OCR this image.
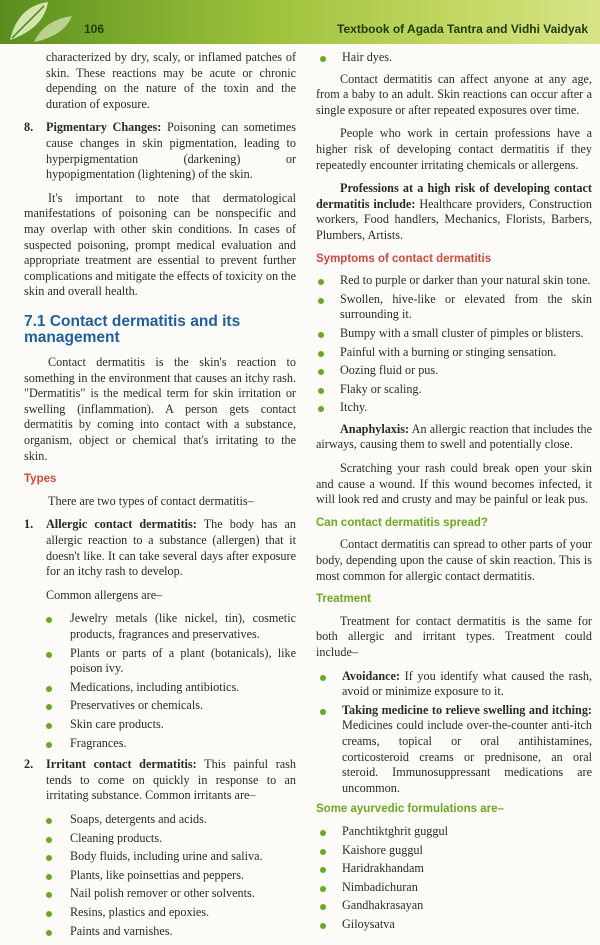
106	Textbook of Agada Tantra and Vidhi Vaidyak

characterized by dry, scaly, or inflamed patches of skin. These reactions may be acute or chronic depending on the nature of the toxin and the duration of exposure.

8. Pigmentary Changes: Poisoning can sometimes cause changes in skin pigmentation, leading to hyperpigmentation (darkening) or hypopigmentation (lightening) of the skin.

It's important to note that dermatological manifestations of poisoning can be nonspecific and may overlap with other skin conditions. In cases of suspected poisoning, prompt medical evaluation and appropriate treatment are essential to prevent further complications and mitigate the effects of toxicity on the skin and overall health.

7.1 Contact dermatitis and its management

Contact dermatitis is the skin's reaction to something in the environment that causes an itchy rash. "Dermatitis" is the medical term for skin irritation or swelling (inflammation). A person gets contact dermatitis by coming into contact with a substance, organism, object or chemical that's irritating to the skin.

Types

There are two types of contact dermatitis–

1. Allergic contact dermatitis: The body has an allergic reaction to a substance (allergen) that it doesn't like. It can take several days after exposure for an itchy rash to develop.

Common allergens are–

Jewelry metals (like nickel, tin), cosmetic products, fragrances and preservatives.
Plants or parts of a plant (botanicals), like poison ivy.
Medications, including antibiotics.
Preservatives or chemicals.
Skin care products.
Fragrances.
2. Irritant contact dermatitis: This painful rash tends to come on quickly in response to an irritating substance. Common irritants are–
Soaps, detergents and acids.
Cleaning products.
Body fluids, including urine and saliva.
Plants, like poinsettias and peppers.
Nail polish remover or other solvents.
Resins, plastics and epoxies.
Paints and varnishes.
Hair dyes.

Contact dermatitis can affect anyone at any age, from a baby to an adult. Skin reactions can occur after a single exposure or after repeated exposures over time.

People who work in certain professions have a higher risk of developing contact dermatitis if they repeatedly encounter irritating chemicals or allergens.

Professions at a high risk of developing contact dermatitis include: Healthcare providers, Construction workers, Food handlers, Mechanics, Florists, Barbers, Plumbers, Artists.

Symptoms of contact dermatitis
Red to purple or darker than your natural skin tone.
Swollen, hive-like or elevated from the skin surrounding it.
Bumpy with a small cluster of pimples or blisters.
Painful with a burning or stinging sensation.
Oozing fluid or pus.
Flaky or scaling.
Itchy.

Anaphylaxis: An allergic reaction that includes the airways, causing them to swell and potentially close.

Scratching your rash could break open your skin and cause a wound. If this wound becomes infected, it will look red and crusty and may be painful or leak pus.

Can contact dermatitis spread?

Contact dermatitis can spread to other parts of your body, depending upon the cause of skin reaction. This is most common for allergic contact dermatitis.

Treatment

Treatment for contact dermatitis is the same for both allergic and irritant types. Treatment could include–

Avoidance: If you identify what caused the rash, avoid or minimize exposure to it.
Taking medicine to relieve swelling and itching: Medicines could include over-the-counter anti-itch creams, topical or oral antihistamines, corticosteroid creams or prednisone, an oral steroid. Immunosuppressant medications are uncommon.
Some ayurvedic formulations are–
Panchtiktghrit guggul
Kaishore guggul
Haridrakhandam
Nimbadichuran
Gandhakrasayan
Giloysatva
